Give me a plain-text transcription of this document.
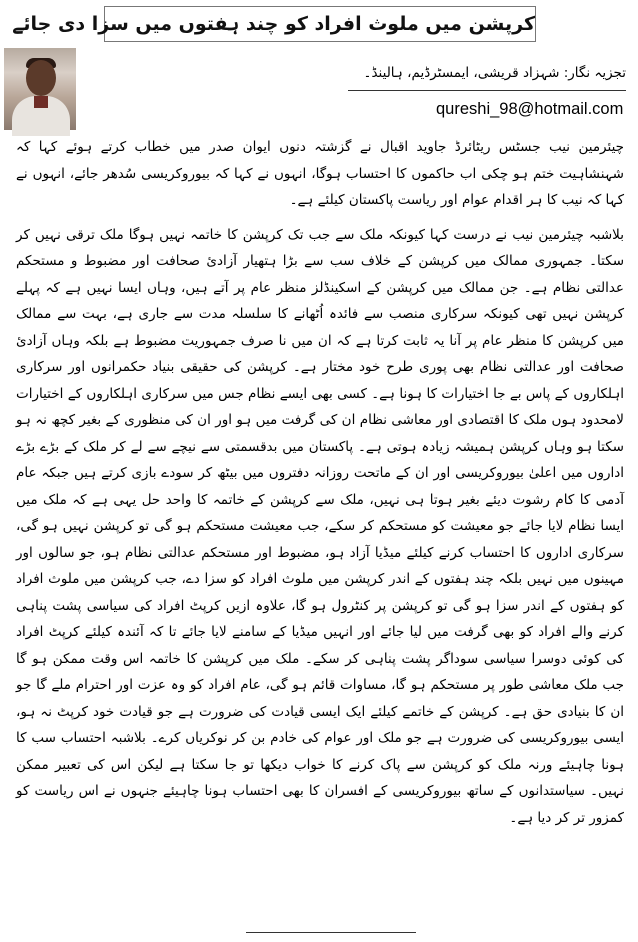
کرپشن میں ملوث افراد کو چند ہفتوں میں سزا دی جائے
تجزیہ نگار: شہزاد قریشی، ایمسٹرڈیم، ہالینڈ۔
qureshi_98@hotmail.com

چیئرمین نیب جسٹس ریٹائرڈ جاوید اقبال نے گزشتہ دنوں ایوان صدر میں خطاب کرتے ہوئے کہا کہ شہنشاہیت ختم ہو چکی اب حاکموں کا احتساب ہوگا، انہوں نے کہا کہ بیوروکریسی سُدھر جائے، انہوں نے کہا کہ نیب کا ہر اقدام عوام اور ریاست پاکستان کیلئے ہے۔

بلاشبہ چیئرمین نیب نے درست کہا کیونکہ ملک سے جب تک کرپشن کا خاتمہ نہیں ہوگا ملک ترقی نہیں کر سکتا۔ جمہوری ممالک میں کرپشن کے خلاف سب سے بڑا ہتھیار آزادئ صحافت اور مضبوط و مستحکم عدالتی نظام ہے۔ جن ممالک میں کرپشن کے اسکینڈلز منظر عام پر آتے ہیں، وہاں ایسا نہیں ہے کہ پہلے کرپشن نہیں تھی کیونکہ سرکاری منصب سے فائدہ اُٹھانے کا سلسلہ مدت سے جاری ہے، بہت سے ممالک میں کرپشن کا منظر عام پر آنا یہ ثابت کرتا ہے کہ ان میں نا صرف جمہوریت مضبوط ہے بلکہ وہاں آزادئ صحافت اور عدالتی نظام بھی پوری طرح خود مختار ہے۔ کرپشن کی حقیقی بنیاد حکمرانوں اور سرکاری اہلکاروں کے پاس بے جا اختیارات کا ہونا ہے۔ کسی بھی ایسے نظام جس میں سرکاری اہلکاروں کے اختیارات لامحدود ہوں ملک کا اقتصادی اور معاشی نظام ان کی گرفت میں ہو اور ان کی منظوری کے بغیر کچھ نہ ہو سکتا ہو وہاں کرپشن ہمیشہ زیادہ ہوتی ہے۔ پاکستان میں بدقسمتی سے نیچے سے لے کر ملک کے بڑے بڑے اداروں میں اعلیٰ بیوروکریسی اور ان کے ماتحت روزانہ دفتروں میں بیٹھ کر سودے بازی کرتے ہیں جبکہ عام آدمی کا کام رشوت دیئے بغیر ہوتا ہی نہیں، ملک سے کرپشن کے خاتمہ کا واحد حل یہی ہے کہ ملک میں ایسا نظام لایا جائے جو معیشت کو مستحکم کر سکے، جب معیشت مستحکم ہو گی تو کرپشن نہیں ہو گی، سرکاری اداروں کا احتساب کرنے کیلئے میڈیا آزاد ہو، مضبوط اور مستحکم عدالتی نظام ہو، جو سالوں اور مہینوں میں نہیں بلکہ چند ہفتوں کے اندر کرپشن میں ملوث افراد کو سزا دے، جب کرپشن میں ملوث افراد کو ہفتوں کے اندر سزا ہو گی تو کرپشن پر کنٹرول ہو گا، علاوہ ازیں کرپٹ افراد کی سیاسی پشت پناہی کرنے والے افراد کو بھی گرفت میں لیا جائے اور انہیں میڈیا کے سامنے لایا جائے تا کہ آئندہ کیلئے کرپٹ افراد کی کوئی دوسرا سیاسی سوداگر پشت پناہی کر سکے۔ ملک میں کرپشن کا خاتمہ اس وقت ممکن ہو گا جب ملک معاشی طور پر مستحکم ہو گا، مساوات قائم ہو گی، عام افراد کو وہ عزت اور احترام ملے گا جو ان کا بنیادی حق ہے۔ کرپشن کے خاتمے کیلئے ایک ایسی قیادت کی ضرورت ہے جو قیادت خود کرپٹ نہ ہو، ایسی بیوروکریسی کی ضرورت ہے جو ملک اور عوام کی خادم بن کر نوکریاں کرے۔ بلاشبہ احتساب سب کا ہونا چاہیئے ورنہ ملک کو کرپشن سے پاک کرنے کا خواب دیکھا تو جا سکتا ہے لیکن اس کی تعبیر ممکن نہیں۔ سیاستدانوں کے ساتھ بیوروکریسی کے افسران کا بھی احتساب ہونا چاہیئے جنہوں نے اس ریاست کو کمزور تر کر دیا ہے۔
